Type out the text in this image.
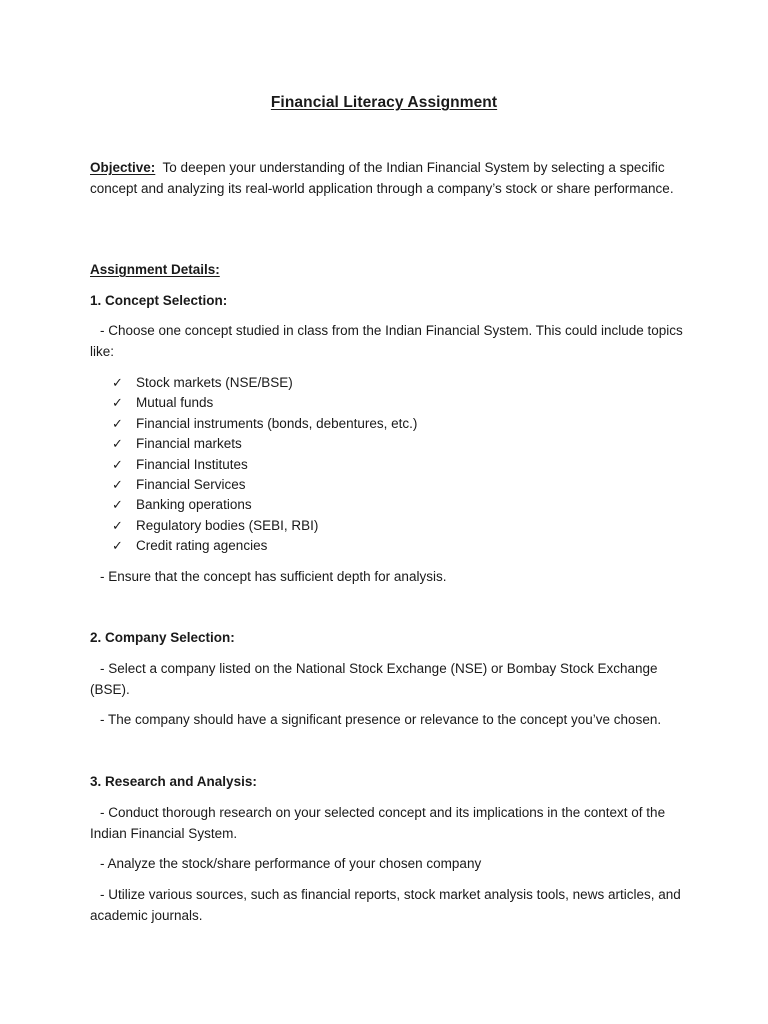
Financial Literacy Assignment
Objective: To deepen your understanding of the Indian Financial System by selecting a specific concept and analyzing its real-world application through a company’s stock or share performance.
Assignment Details:
1. Concept Selection:
- Choose one concept studied in class from the Indian Financial System. This could include topics like:
✓ Stock markets (NSE/BSE)
✓ Mutual funds
✓ Financial instruments (bonds, debentures, etc.)
✓ Financial markets
✓ Financial Institutes
✓ Financial Services
✓ Banking operations
✓ Regulatory bodies (SEBI, RBI)
✓ Credit rating agencies
- Ensure that the concept has sufficient depth for analysis.
2. Company Selection:
- Select a company listed on the National Stock Exchange (NSE) or Bombay Stock Exchange (BSE).
- The company should have a significant presence or relevance to the concept you’ve chosen.
3. Research and Analysis:
- Conduct thorough research on your selected concept and its implications in the context of the Indian Financial System.
- Analyze the stock/share performance of your chosen company
- Utilize various sources, such as financial reports, stock market analysis tools, news articles, and academic journals.
